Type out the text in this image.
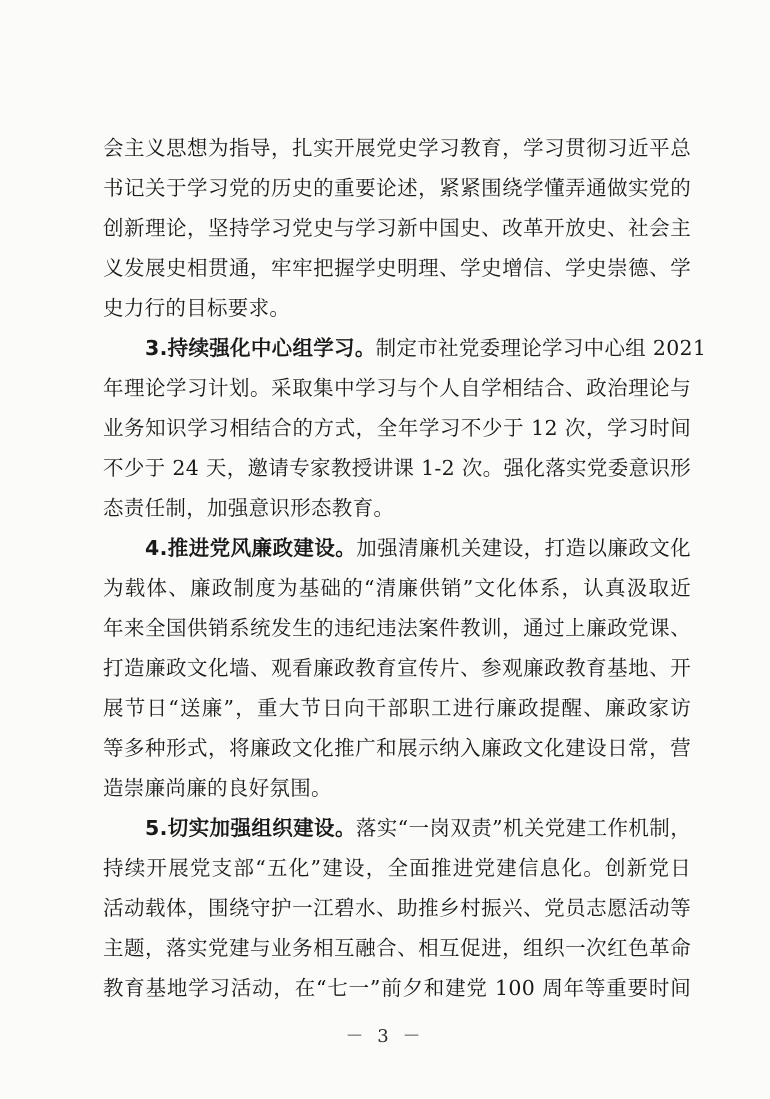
会主义思想为指导，扎实开展党史学习教育，学习贯彻习近平总
书记关于学习党的历史的重要论述，紧紧围绕学懂弄通做实党的
创新理论，坚持学习党史与学习新中国史、改革开放史、社会主
义发展史相贯通，牢牢把握学史明理、学史增信、学史崇德、学
史力行的目标要求。
3.持续强化中心组学习。制定市社党委理论学习中心组 2021
年理论学习计划。采取集中学习与个人自学相结合、政治理论与
业务知识学习相结合的方式，全年学习不少于 12 次，学习时间
不少于 24 天，邀请专家教授讲课 1-2 次。强化落实党委意识形
态责任制，加强意识形态教育。
4.推进党风廉政建设。加强清廉机关建设，打造以廉政文化
为载体、廉政制度为基础的“清廉供销”文化体系，认真汲取近
年来全国供销系统发生的违纪违法案件教训，通过上廉政党课、
打造廉政文化墙、观看廉政教育宣传片、参观廉政教育基地、开
展节日“送廉”，重大节日向干部职工进行廉政提醒、廉政家访
等多种形式，将廉政文化推广和展示纳入廉政文化建设日常，营
造崇廉尚廉的良好氛围。
5.切实加强组织建设。落实“一岗双责”机关党建工作机制，
持续开展党支部“五化”建设，全面推进党建信息化。创新党日
活动载体，围绕守护一江碧水、助推乡村振兴、党员志愿活动等
主题，落实党建与业务相互融合、相互促进，组织一次红色革命
教育基地学习活动，在“七一”前夕和建党 100 周年等重要时间
－ 3 －
